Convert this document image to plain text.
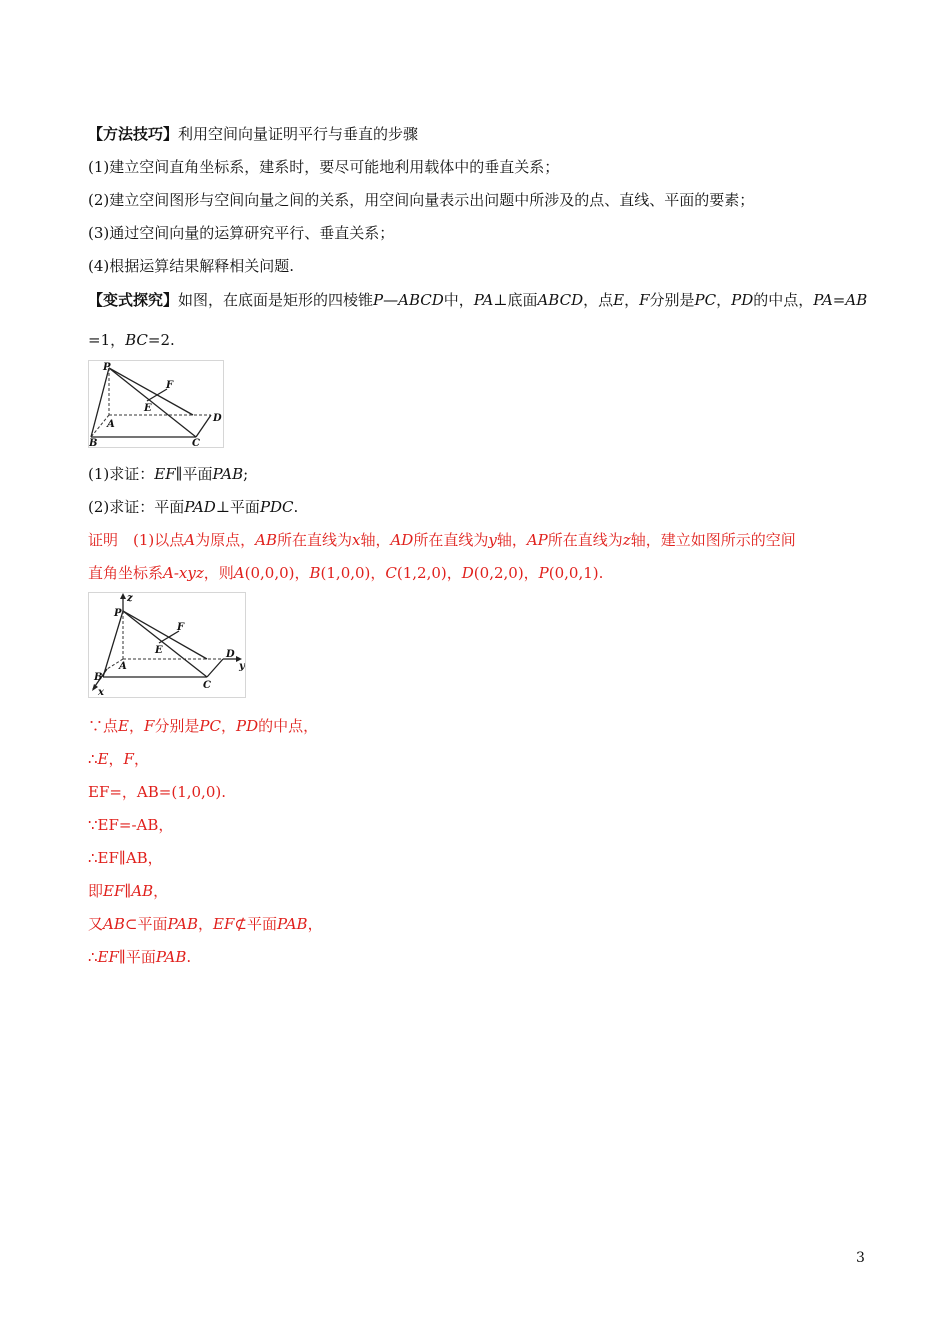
【方法技巧】利用空间向量证明平行与垂直的步骤
(1)建立空间直角坐标系，建系时，要尽可能地利用载体中的垂直关系；
(2)建立空间图形与空间向量之间的关系，用空间向量表示出问题中所涉及的点、直线、平面的要素；
(3)通过空间向量的运算研究平行、垂直关系；
(4)根据运算结果解释相关问题.
【变式探究】如图，在底面是矩形的四棱锥P—ABCD中，PA⊥底面ABCD，点E，F分别是PC，PD的中点，PA=AB
=1，BC=2.
P
F
E
D
A
B	C
(1)求证：EF∥平面PAB;
(2)求证：平面PAD⊥平面PDC.
证明　(1)以点A为原点，AB所在直线为x轴，AD所在直线为y轴，AP所在直线为z轴，建立如图所示的空间
直角坐标系A-xyz，则A(0,0,0)，B(1,0,0)，C(1,2,0)，D(0,2,0)，P(0,0,1).
z
P
F
E	D
y
B
A
C
x
∵点E，F分别是PC，PD的中点，
∴E，F，
EF=，AB=(1,0,0).
∵EF=-AB，
∴EF∥AB，
即EF∥AB，
又AB⊂平面PAB，EF⊄平面PAB，
∴EF∥平面PAB.
3
